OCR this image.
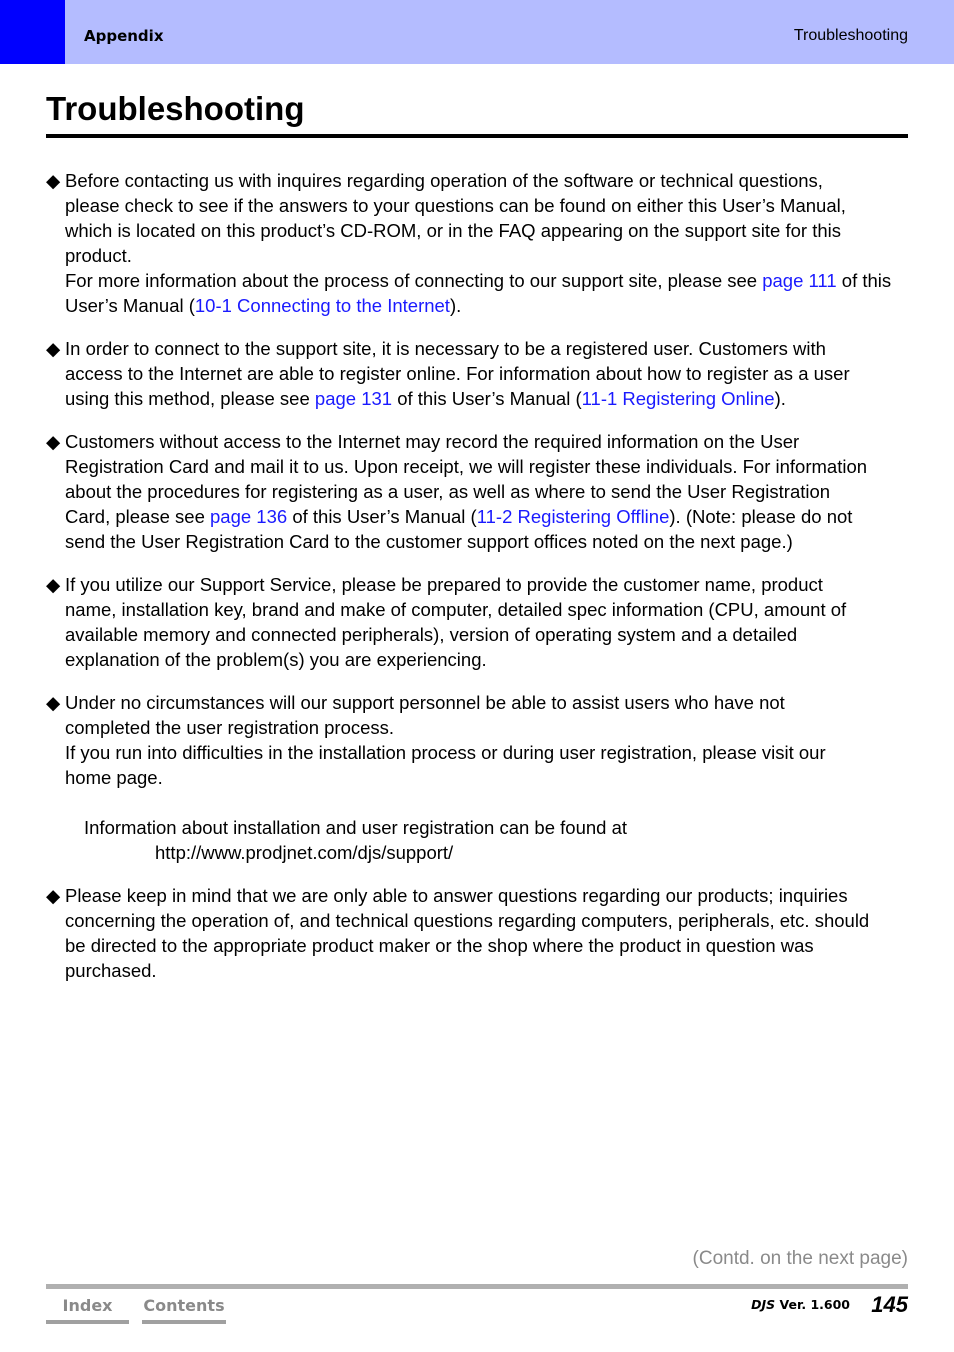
Appendix	Troubleshooting
Troubleshooting
◆ Before contacting us with inquires regarding operation of the software or technical questions,

please check to see if the answers to your questions can be found on either this User’s Manual,

which is located on this product’s CD-ROM, or in the FAQ appearing on the support site for this

product.

For more information about the process of connecting to our support site, please see page 111 of this User’s Manual (10-1 Connecting to the Internet).

◆ In order to connect to the support site, it is necessary to be a registered user. Customers with

access to the Internet are able to register online. For information about how to register as a user

using this method, please see page 131 of this User’s Manual (11-1 Registering Online).

◆ Customers without access to the Internet may record the required information on the User

Registration Card and mail it to us. Upon receipt, we will register these individuals. For information

about the procedures for registering as a user, as well as where to send the User Registration

Card, please see page 136 of this User’s Manual (11-2 Registering Offline). (Note: please do not

send the User Registration Card to the customer support offices noted on the next page.)

◆ If you utilize our Support Service, please be prepared to provide the customer name, product

name, installation key, brand and make of computer, detailed spec information (CPU, amount of

available memory and connected peripherals), version of operating system and a detailed

explanation of the problem(s) you are experiencing.

◆ Under no circumstances will our support personnel be able to assist users who have not

completed the user registration process.

If you run into difficulties in the installation process or during user registration, please visit our

home page.

Information about installation and user registration can be found at

http://www.prodjnet.com/djs/support/

◆ Please keep in mind that we are only able to answer questions regarding our products; inquiries

concerning the operation of, and technical questions regarding computers, peripherals, etc. should

be directed to the appropriate product maker or the shop where the product in question was

purchased.

(Contd. on the next page)
Index	Contents	DJS Ver. 1.600 145
